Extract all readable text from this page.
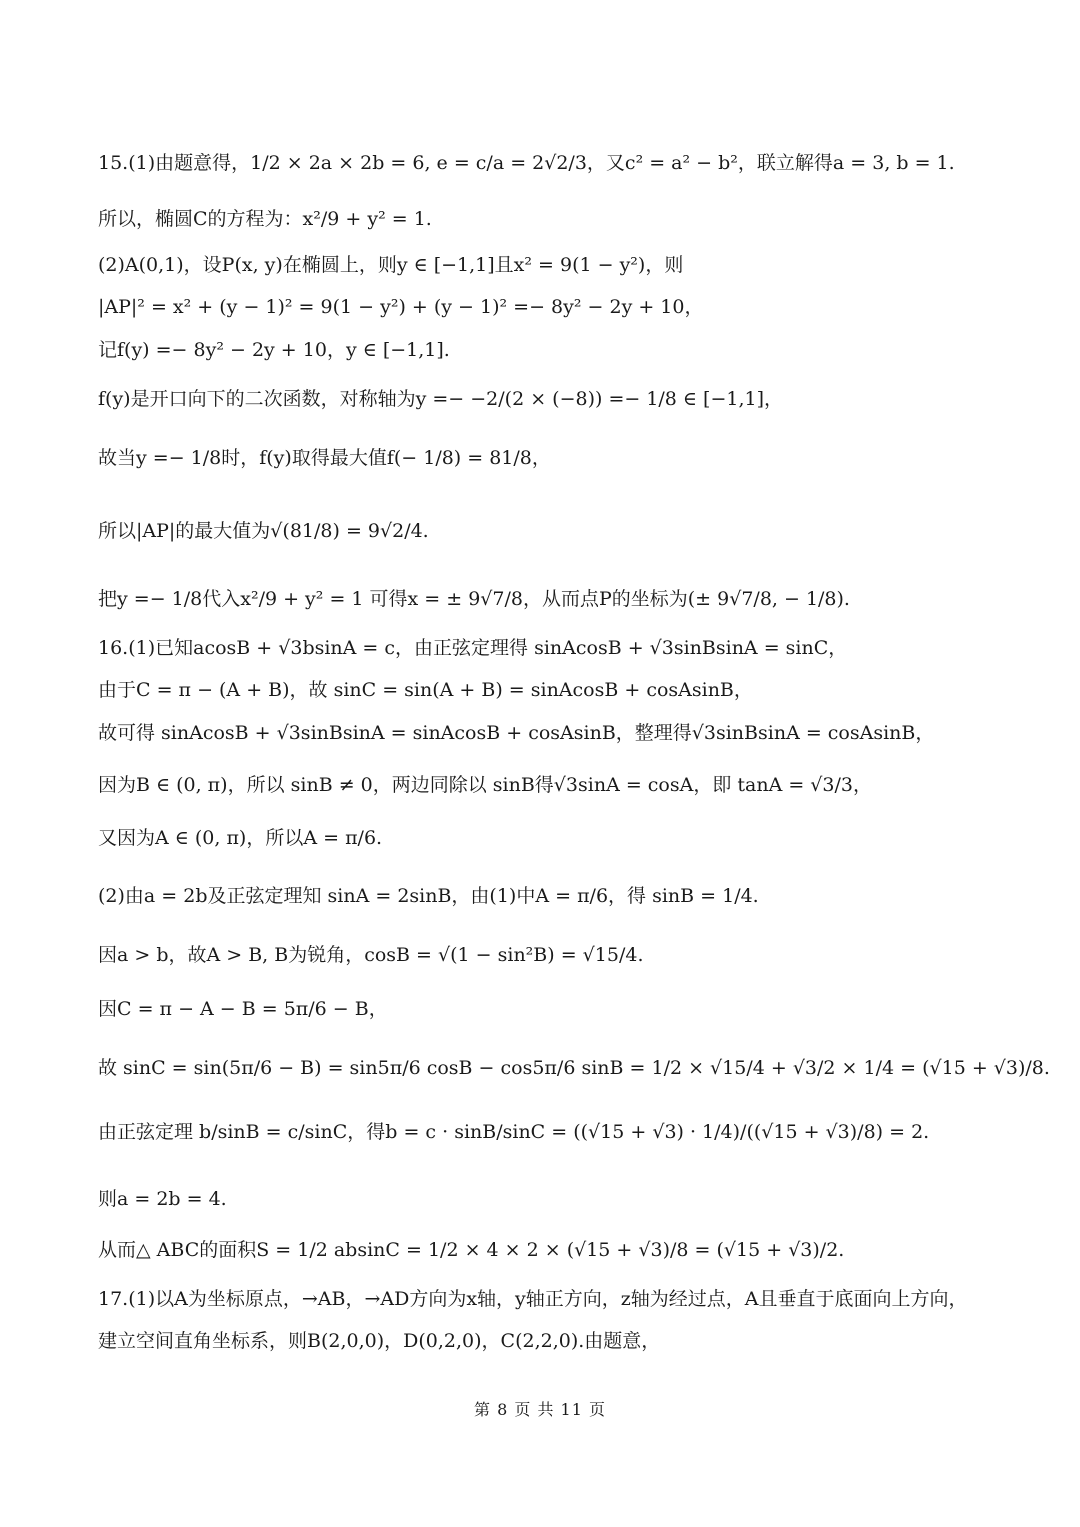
15.(1)由题意得，1/2 × 2a × 2b = 6, e = c/a = 2√2/3，又c² = a² − b²，联立解得a = 3, b = 1.
所以，椭圆C的方程为：x²/9 + y² = 1.
(2)A(0,1)，设P(x, y)在椭圆上，则y ∈ [−1,1]且x² = 9(1 − y²)，则
|AP|² = x² + (y − 1)² = 9(1 − y²) + (y − 1)² =− 8y² − 2y + 10，
记f(y) =− 8y² − 2y + 10，y ∈ [−1,1].
f(y)是开口向下的二次函数，对称轴为y =− −2/(2 × (−8)) =− 1/8 ∈ [−1,1]，
故当y =− 1/8时，f(y)取得最大值f(− 1/8) = 81/8，
所以|AP|的最大值为√(81/8) = 9√2/4.
把y =− 1/8代入x²/9 + y² = 1 可得x = ± 9√7/8，从而点P的坐标为(± 9√7/8, − 1/8).
16.(1)已知acosB + √3bsinA = c，由正弦定理得 sinAcosB + √3sinBsinA = sinC，
由于C = π − (A + B)，故 sinC = sin(A + B) = sinAcosB + cosAsinB，
故可得 sinAcosB + √3sinBsinA = sinAcosB + cosAsinB，整理得√3sinBsinA = cosAsinB，
因为B ∈ (0, π)，所以 sinB ≠ 0，两边同除以 sinB得√3sinA = cosA，即 tanA = √3/3，
又因为A ∈ (0, π)，所以A = π/6.
(2)由a = 2b及正弦定理知 sinA = 2sinB，由(1)中A = π/6，得 sinB = 1/4.
因a > b，故A > B, B为锐角，cosB = √(1 − sin²B) = √15/4.
因C = π − A − B = 5π/6 − B，
故 sinC = sin(5π/6 − B) = sin5π/6 cosB − cos5π/6 sinB = 1/2 × √15/4 + √3/2 × 1/4 = (√15 + √3)/8.
由正弦定理 b/sinB = c/sinC，得b = c · sinB/sinC = ((√15 + √3) · 1/4)/((√15 + √3)/8) = 2.
则a = 2b = 4.
从而△ ABC的面积S = 1/2 absinC = 1/2 × 4 × 2 × (√15 + √3)/8 = (√15 + √3)/2.
17.(1)以A为坐标原点，→AB，→AD方向为x轴，y轴正方向，z轴为经过点，A且垂直于底面向上方向，
建立空间直角坐标系，则B(2,0,0)，D(0,2,0)，C(2,2,0).由题意，
第 8 页 共 11 页
